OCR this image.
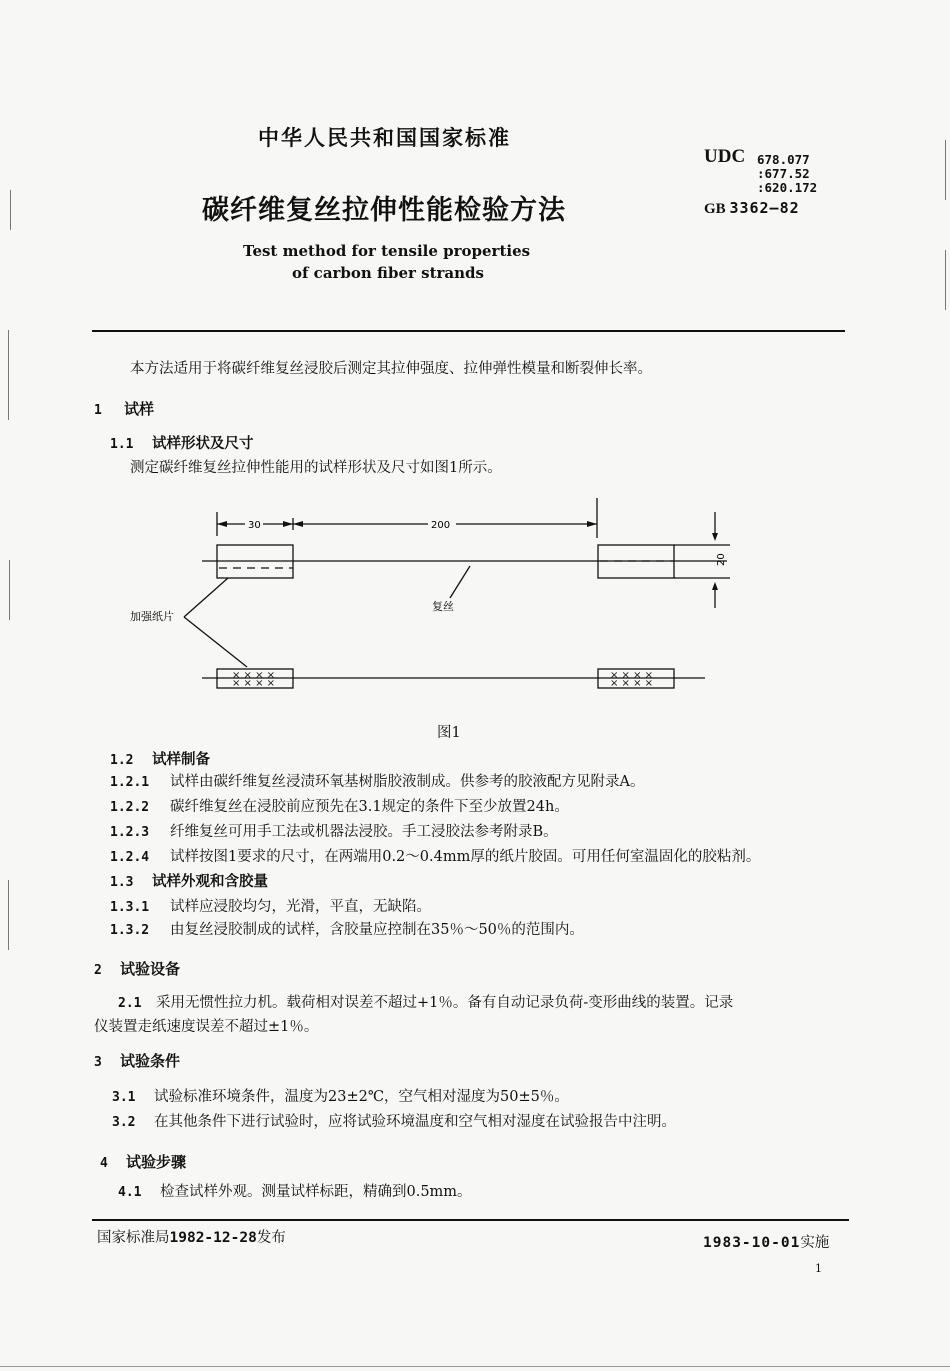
中华人民共和国国家标准
碳纤维复丝拉伸性能检验方法
Test method for tensile properties
of carbon fiber strands
UDC 678.077
:677.52
:620.172
GB 3362—82
本方法适用于将碳纤维复丝浸胶后测定其拉伸强度、拉伸弹性模量和断裂伸长率。
1 试样
1.1 试样形状及尺寸
测定碳纤维复丝拉伸性能用的试样形状及尺寸如图1所示。
× × × ×
× × × ×
× × × ×
× × × ×
30	200
20
加强纸片
复丝
图1
1.2 试样制备
1.2.1 试样由碳纤维复丝浸渍环氧基树脂胶液制成。供参考的胶液配方见附录A。
1.2.2 碳纤维复丝在浸胶前应预先在3.1规定的条件下至少放置24h。
1.2.3 纤维复丝可用手工法或机器法浸胶。手工浸胶法参考附录B。
1.2.4 试样按图1要求的尺寸，在两端用0.2～0.4mm厚的纸片胶固。可用任何室温固化的胶粘剂。
1.3 试样外观和含胶量
1.3.1 试样应浸胶均匀，光滑，平直，无缺陷。
1.3.2 由复丝浸胶制成的试样，含胶量应控制在35％～50％的范围内。
2 试验设备
2.1 采用无惯性拉力机。载荷相对误差不超过+1％。备有自动记录负荷-变形曲线的装置。记录
仪装置走纸速度误差不超过±1％。
3 试验条件
3.1 试验标准环境条件，温度为23±2℃，空气相对湿度为50±5％。
3.2 在其他条件下进行试验时，应将试验环境温度和空气相对湿度在试验报告中注明。
4 试验步骤
4.1 检查试样外观。测量试样标距，精确到0.5mm。
国家标准局1982-12-28发布	1983-10-01实施
1
